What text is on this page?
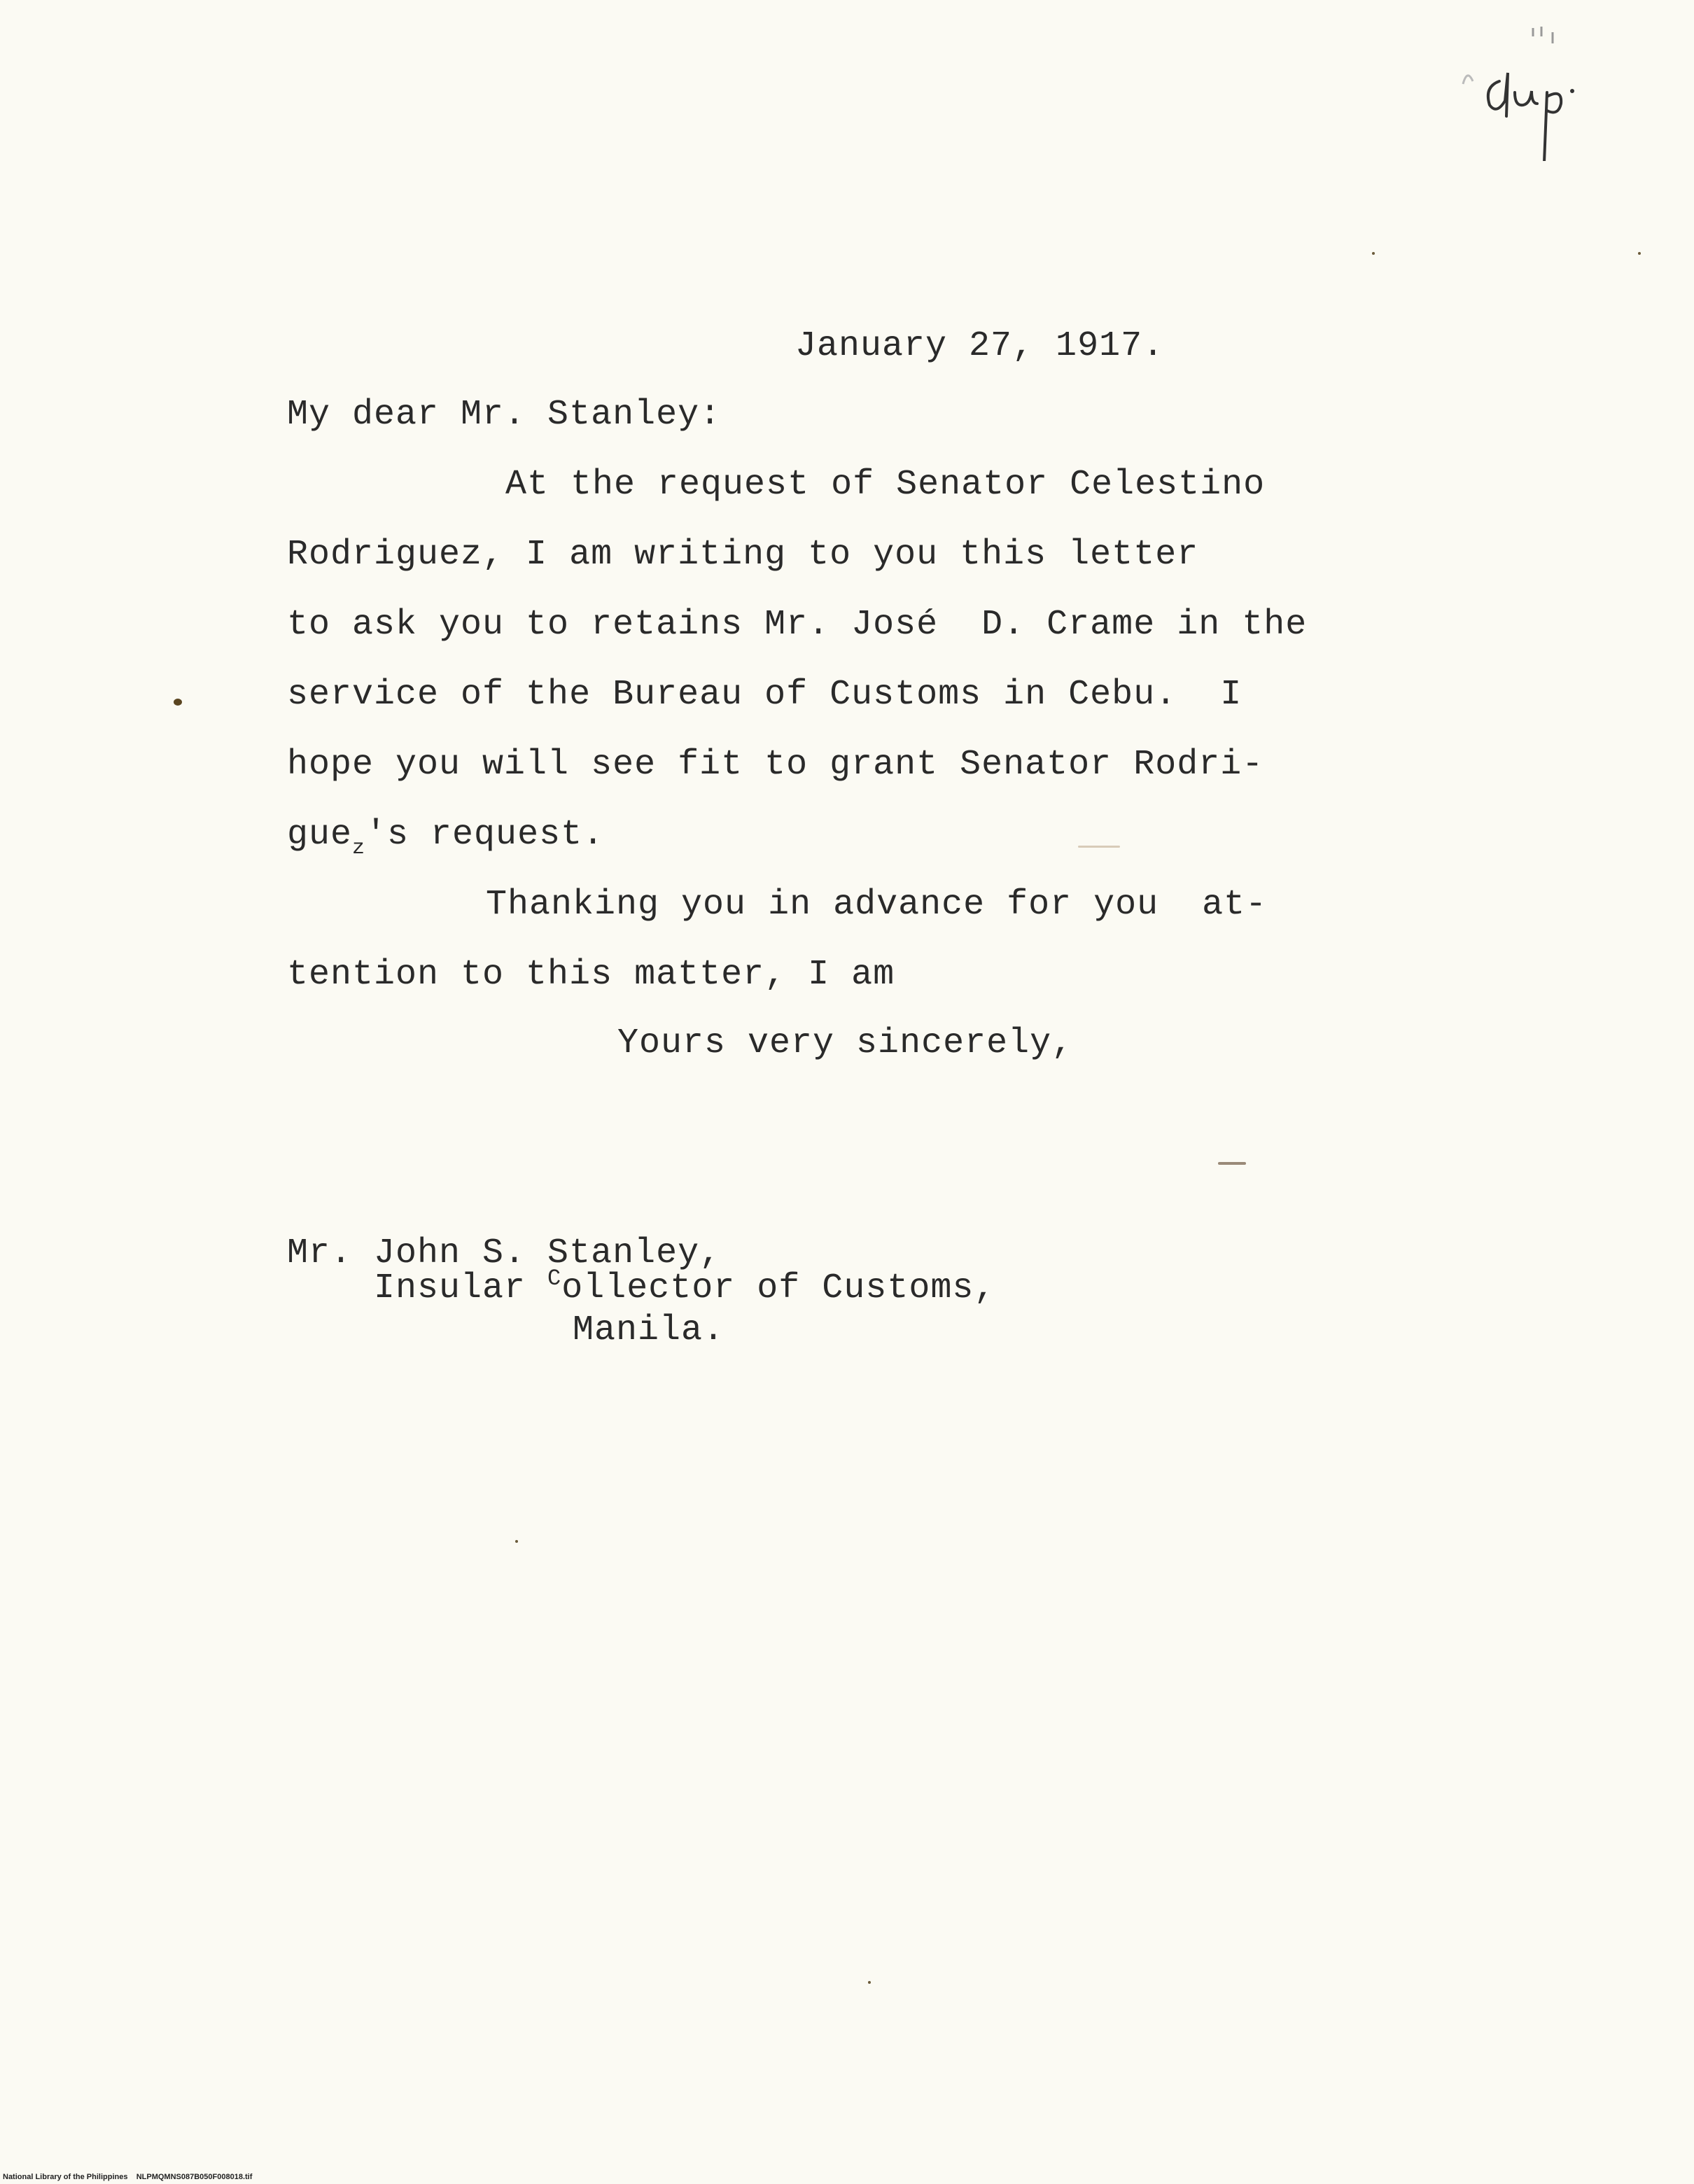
January 27, 1917.
My dear Mr. Stanley:
At the request of Senator Celestino
Rodriguez, I am writing to you this letter
to ask you to retains Mr. José  D. Crame in the
service of the Bureau of Customs in Cebu.  I
hope you will see fit to grant Senator Rodri-
gue$_z$'s request.
Thanking you in advance for you  at-
tention to this matter, I am
Yours very sincerely,
Mr. John S. Stanley,
Insular $^C$ollector of Customs,
Manila.
National Library of the Philippines NLPMQMNS087B050F008018.tif
